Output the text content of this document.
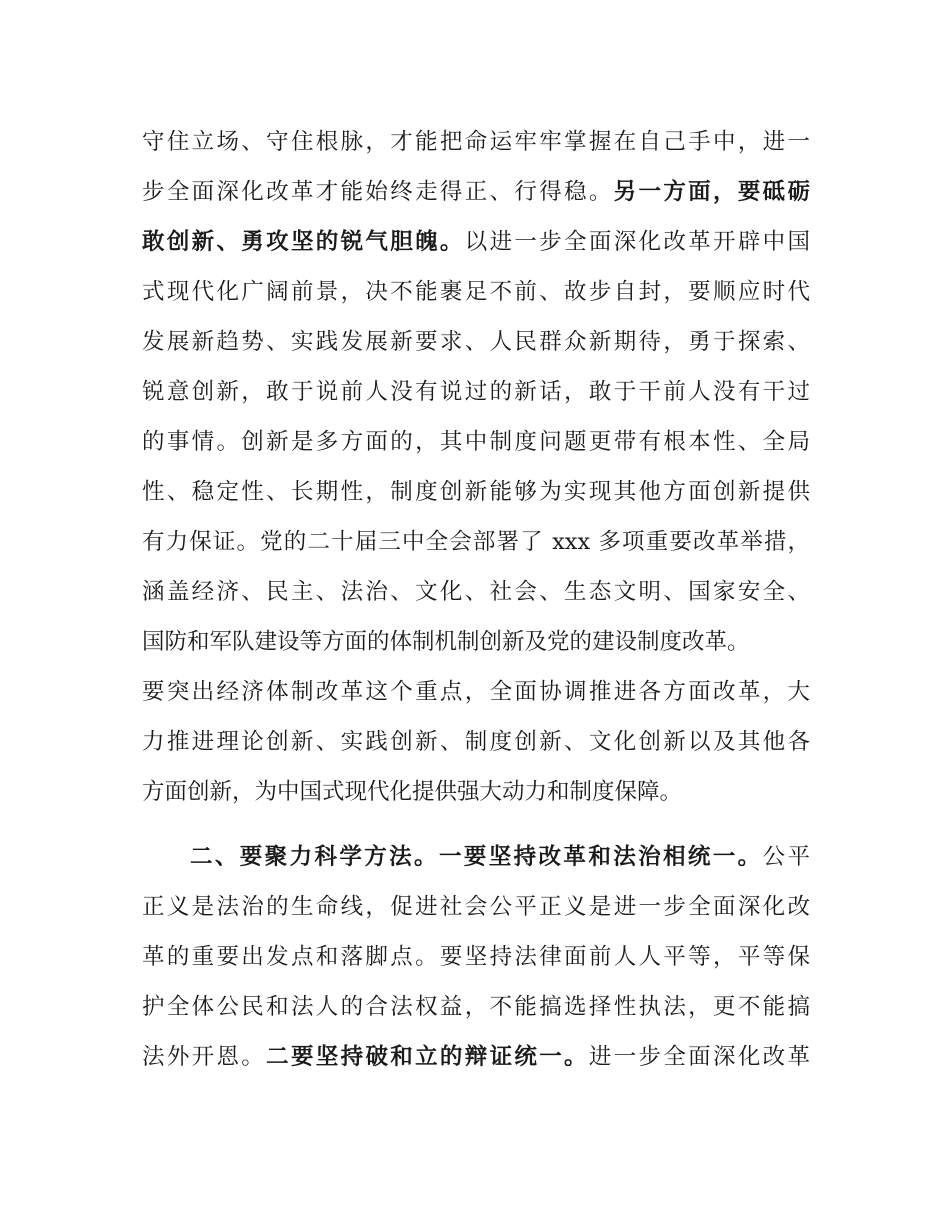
守住立场、守住根脉，才能把命运牢牢掌握在自己手中，进一
步全面深化改革才能始终走得正、行得稳。另一方面，要砥砺
敢创新、勇攻坚的锐气胆魄。以进一步全面深化改革开辟中国
式现代化广阔前景，决不能裹足不前、故步自封，要顺应时代
发展新趋势、实践发展新要求、人民群众新期待，勇于探索、
锐意创新，敢于说前人没有说过的新话，敢于干前人没有干过
的事情。创新是多方面的，其中制度问题更带有根本性、全局
性、稳定性、长期性，制度创新能够为实现其他方面创新提供
有力保证。党的二十届三中全会部署了 xxx 多项重要改革举措，
涵盖经济、民主、法治、文化、社会、生态文明、国家安全、
国防和军队建设等方面的体制机制创新及党的建设制度改革。
要突出经济体制改革这个重点，全面协调推进各方面改革，大
力推进理论创新、实践创新、制度创新、文化创新以及其他各
方面创新，为中国式现代化提供强大动力和制度保障。
二、要聚力科学方法。一要坚持改革和法治相统一。公平
正义是法治的生命线，促进社会公平正义是进一步全面深化改
革的重要出发点和落脚点。要坚持法律面前人人平等，平等保
护全体公民和法人的合法权益，不能搞选择性执法，更不能搞
法外开恩。二要坚持破和立的辩证统一。进一步全面深化改革
